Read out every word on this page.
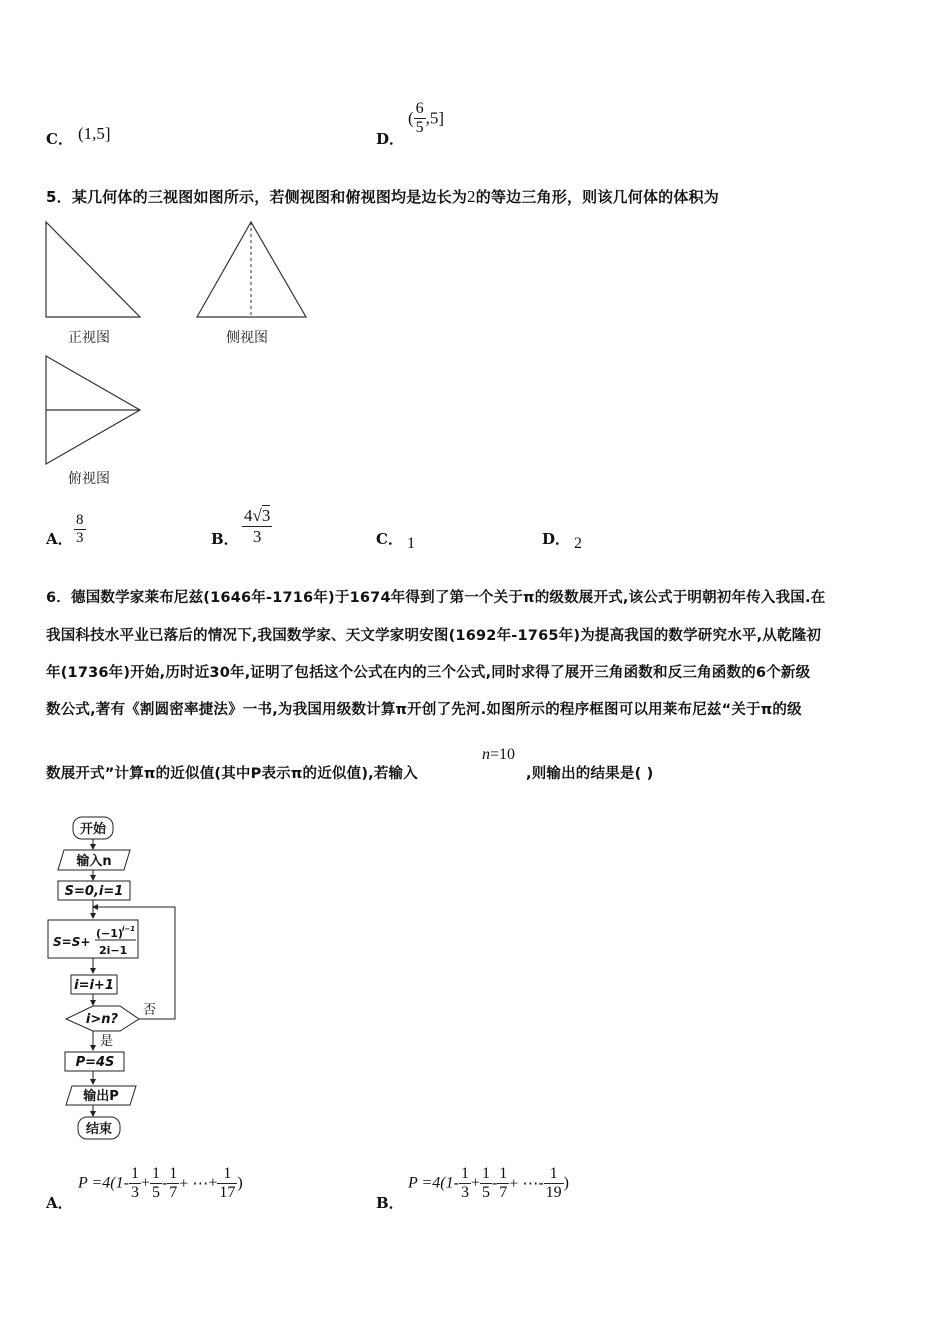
C． (1,5]	D．
( $\frac{6}{5} ,5$]
5．某几何体的三视图如图所示，若侧视图和俯视图均是边长为2的等边三角形，则该几何体的体积为
正视图	侧视图
俯视图
A． $\frac{8}{3}$	B． $\frac{4√3}{3}$	C． 1	D． 2
6．德国数学家莱布尼兹(1646年-1716年)于1674年得到了第一个关于π的级数展开式,该公式于明朝初年传入我国.在
我国科技水平业已落后的情况下,我国数学家、天文学家明安图(1692年-1765年)为提高我国的数学研究水平,从乾隆初
年(1736年)开始,历时近30年,证明了包括这个公式在内的三个公式,同时求得了展开三角函数和反三角函数的6个新级
数公式,著有《割圆密率捷法》一书,为我国用级数计算π开创了先河.如图所示的程序框图可以用莱布尼兹“关于π的级
数展开式”计算π的近似值(其中P表示π的近似值),若输入
n=10
,则输出的结果是( )
开始
输入n
S=0,i=1
S=S+
(−1) i−1
2i−1
i=i+1
i>n?
否
是
P=4S
输出P
结束
A．
$P =4(1- \frac{1}{3} + \frac{1}{5} - \frac{1}{7}$ + ⋯+ $\frac{1}{17}$ )
B．
$P =4(1- \frac{1}{3} + \frac{1}{5} - \frac{1}{7}$ + ⋯- $\frac{1}{19}$ )
